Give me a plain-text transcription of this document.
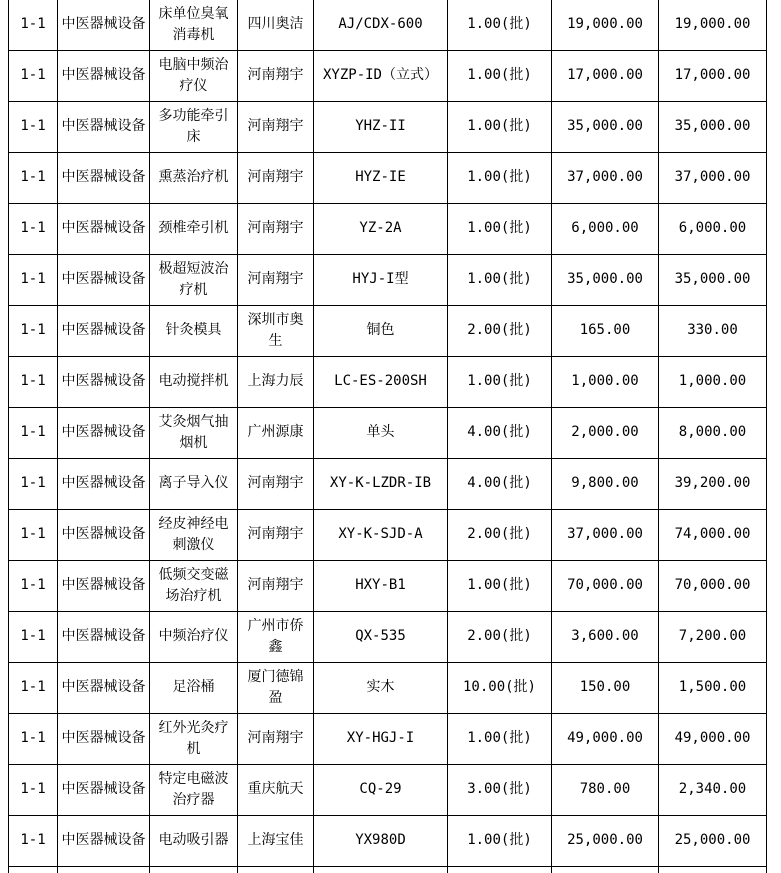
1-1	中医器械设备	床单位臭氧消毒机	四川奥洁	AJ/CDX-600	1.00(批)	19,000.00	19,000.00
1-1	中医器械设备	电脑中频治疗仪	河南翔宇	XYZP-ID（立式）	1.00(批)	17,000.00	17,000.00
1-1	中医器械设备	多功能牵引床	河南翔宇	YHZ-II	1.00(批)	35,000.00	35,000.00
1-1	中医器械设备	熏蒸治疗机	河南翔宇	HYZ-IE	1.00(批)	37,000.00	37,000.00
1-1	中医器械设备	颈椎牵引机	河南翔宇	YZ-2A	1.00(批)	6,000.00	6,000.00
1-1	中医器械设备	极超短波治疗机	河南翔宇	HYJ-I型	1.00(批)	35,000.00	35,000.00
1-1	中医器械设备	针灸模具	深圳市奥生	铜色	2.00(批)	165.00	330.00
1-1	中医器械设备	电动搅拌机	上海力辰	LC-ES-200SH	1.00(批)	1,000.00	1,000.00
1-1	中医器械设备	艾灸烟气抽烟机	广州源康	单头	4.00(批)	2,000.00	8,000.00
1-1	中医器械设备	离子导入仪	河南翔宇	XY-K-LZDR-IB	4.00(批)	9,800.00	39,200.00
1-1	中医器械设备	经皮神经电刺激仪	河南翔宇	XY-K-SJD-A	2.00(批)	37,000.00	74,000.00
1-1	中医器械设备	低频交变磁场治疗机	河南翔宇	HXY-B1	1.00(批)	70,000.00	70,000.00
1-1	中医器械设备	中频治疗仪	广州市侨鑫	QX-535	2.00(批)	3,600.00	7,200.00
1-1	中医器械设备	足浴桶	厦门德锦盈	实木	10.00(批)	150.00	1,500.00
1-1	中医器械设备	红外光灸疗机	河南翔宇	XY-HGJ-I	1.00(批)	49,000.00	49,000.00
1-1	中医器械设备	特定电磁波治疗器	重庆航天	CQ-29	3.00(批)	780.00	2,340.00
1-1	中医器械设备	电动吸引器	上海宝佳	YX980D	1.00(批)	25,000.00	25,000.00
